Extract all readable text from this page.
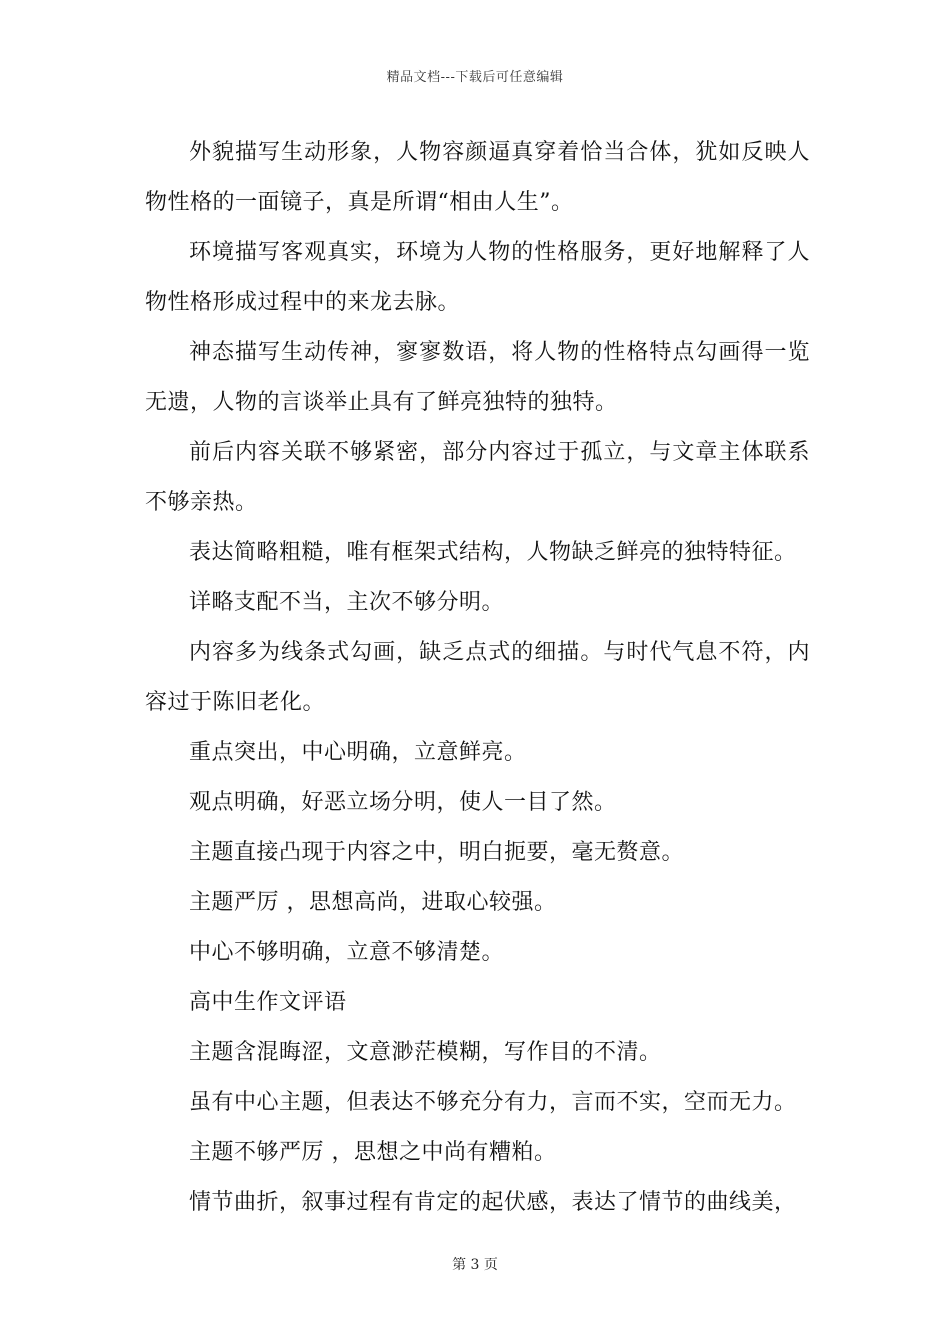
精品文档---下载后可任意编辑

外貌描写生动形象，人物容颜逼真穿着恰当合体，犹如反映人物性格的一面镜子，真是所谓“相由人生”。

环境描写客观真实，环境为人物的性格服务，更好地解释了人物性格形成过程中的来龙去脉。

神态描写生动传神，寥寥数语，将人物的性格特点勾画得一览无遗，人物的言谈举止具有了鲜亮独特的独特。

前后内容关联不够紧密，部分内容过于孤立，与文章主体联系不够亲热。

表达简略粗糙，唯有框架式结构，人物缺乏鲜亮的独特特征。

详略支配不当，主次不够分明。

内容多为线条式勾画，缺乏点式的细描。与时代气息不符，内容过于陈旧老化。

重点突出，中心明确，立意鲜亮。

观点明确，好恶立场分明，使人一目了然。

主题直接凸现于内容之中，明白扼要，毫无赘意。

主题严厉 ，思想高尚，进取心较强。

中心不够明确，立意不够清楚。

高中生作文评语

主题含混晦涩，文意渺茫模糊，写作目的不清。

虽有中心主题，但表达不够充分有力，言而不实，空而无力。

主题不够严厉 ，思想之中尚有糟粕。

情节曲折，叙事过程有肯定的起伏感，表达了情节的曲线美，

第 3 页
